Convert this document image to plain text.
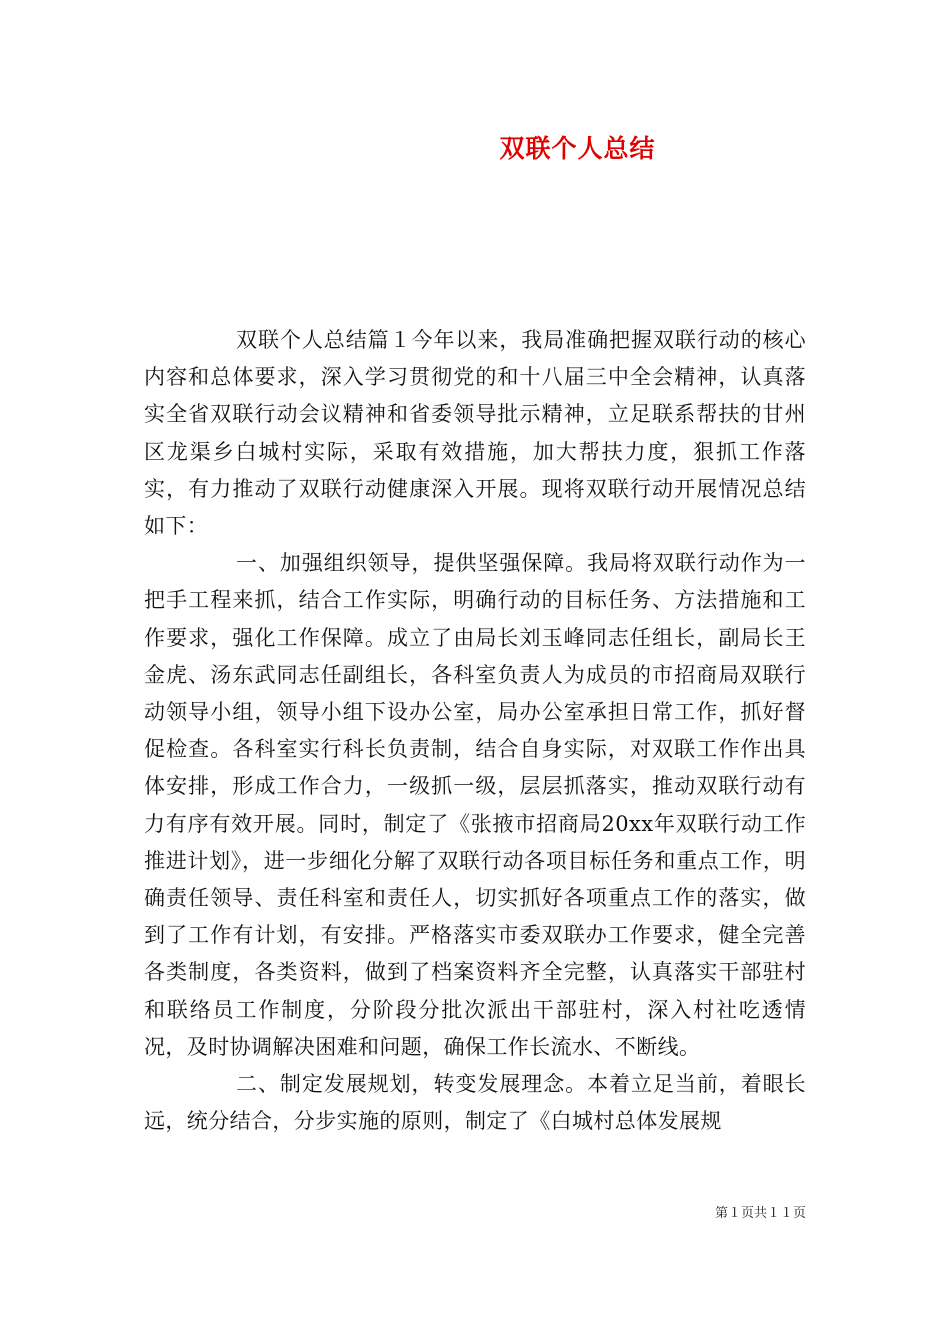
双联个人总结

双联个人总结篇１今年以来，我局准确把握双联行动的核心内容和总体要求，深入学习贯彻党的和十八届三中全会精神，认真落实全省双联行动会议精神和省委领导批示精神，立足联系帮扶的甘州区龙渠乡白城村实际，采取有效措施，加大帮扶力度，狠抓工作落实，有力推动了双联行动健康深入开展。现将双联行动开展情况总结如下：

一、加强组织领导，提供坚强保障。我局将双联行动作为一把手工程来抓，结合工作实际，明确行动的目标任务、方法措施和工作要求，强化工作保障。成立了由局长刘玉峰同志任组长，副局长王金虎、汤东武同志任副组长，各科室负责人为成员的市招商局双联行动领导小组，领导小组下设办公室，局办公室承担日常工作，抓好督促检查。各科室实行科长负责制，结合自身实际，对双联工作作出具体安排，形成工作合力，一级抓一级，层层抓落实，推动双联行动有力有序有效开展。同时，制定了《张掖市招商局20xx年双联行动工作推进计划》，进一步细化分解了双联行动各项目标任务和重点工作，明确责任领导、责任科室和责任人，切实抓好各项重点工作的落实，做到了工作有计划，有安排。严格落实市委双联办工作要求，健全完善各类制度，各类资料，做到了档案资料齐全完整，认真落实干部驻村和联络员工作制度，分阶段分批次派出干部驻村，深入村社吃透情况，及时协调解决困难和问题，确保工作长流水、不断线。

二、制定发展规划，转变发展理念。本着立足当前，着眼长远，统分结合，分步实施的原则，制定了《白城村总体发展规

第１页共１１页
